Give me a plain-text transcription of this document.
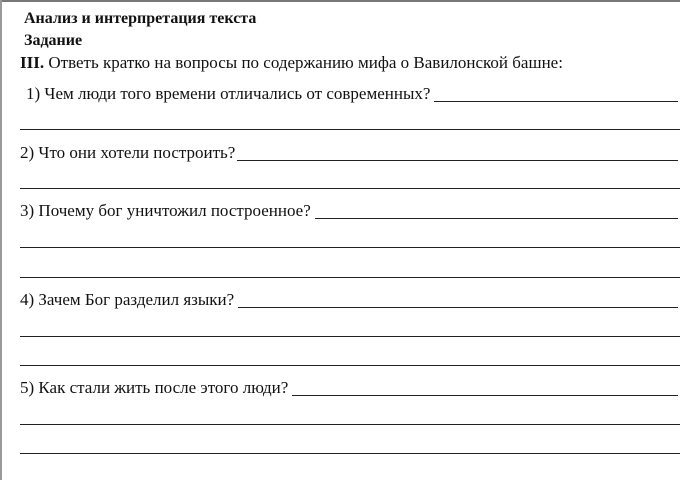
Анализ и интерпретация текста
Задание
III. Ответь кратко на вопросы по содержанию мифа о Вавилонской башне:
1) Чем люди того времени отличались от современных?
2) Что они хотели построить?
3) Почему бог уничтожил построенное?
4) Зачем Бог разделил языки?
5) Как стали жить после этого люди?
